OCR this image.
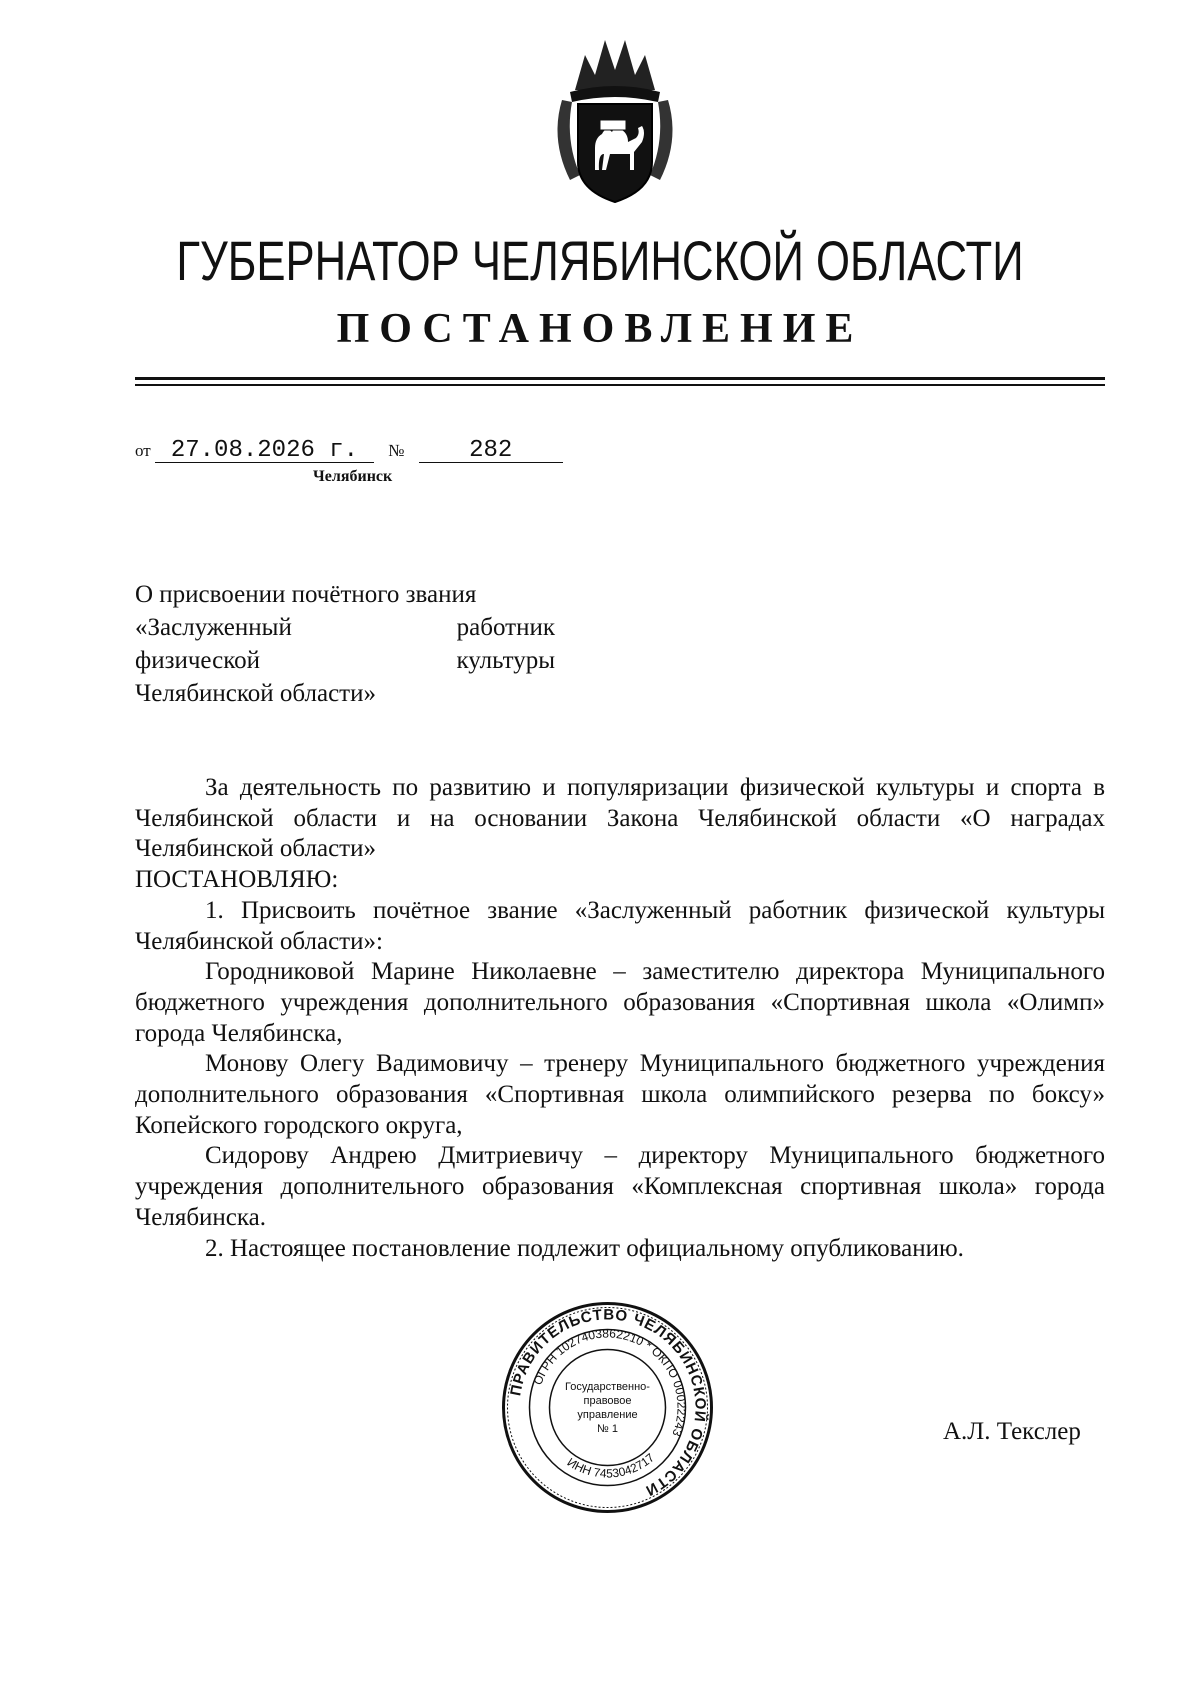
ГУБЕРНАТОР ЧЕЛЯБИНСКОЙ ОБЛАСТИ
ПОСТАНОВЛЕНИЕ
от 27.08.2026 г. №	282
Челябинск
О присвоении почётного звания
«Заслуженный	работник
физической	культуры
Челябинской области»

За деятельность по развитию и популяризации физической культуры и спорта в Челябинской области и на основании Закона Челябинской области «О наградах Челябинской области»

ПОСТАНОВЛЯЮ:

1. Присвоить почётное звание «Заслуженный работник физической культуры Челябинской области»:

Городниковой Марине Николаевне – заместителю директора Муниципального бюджетного учреждения дополнительного образования «Спортивная школа «Олимп» города Челябинска,

Монову Олегу Вадимовичу – тренеру Муниципального бюджетного учреждения дополнительного образования «Спортивная школа олимпийского резерва по боксу» Копейского городского округа,

Сидорову Андрею Дмитриевичу – директору Муниципального бюджетного учреждения дополнительного образования «Комплексная спортивная школа» города Челябинска.

2. Настоящее постановление подлежит официальному опубликованию.

ПРАВИТЕЛЬСТВО ЧЕЛЯБИНСКОЙ ОБЛАСТИ
ОГРН 1027403862210 * ОКПО 00022243
ИНН 7453042717
Государственно-
правовое
управление
№ 1	А.Л. Текслер
